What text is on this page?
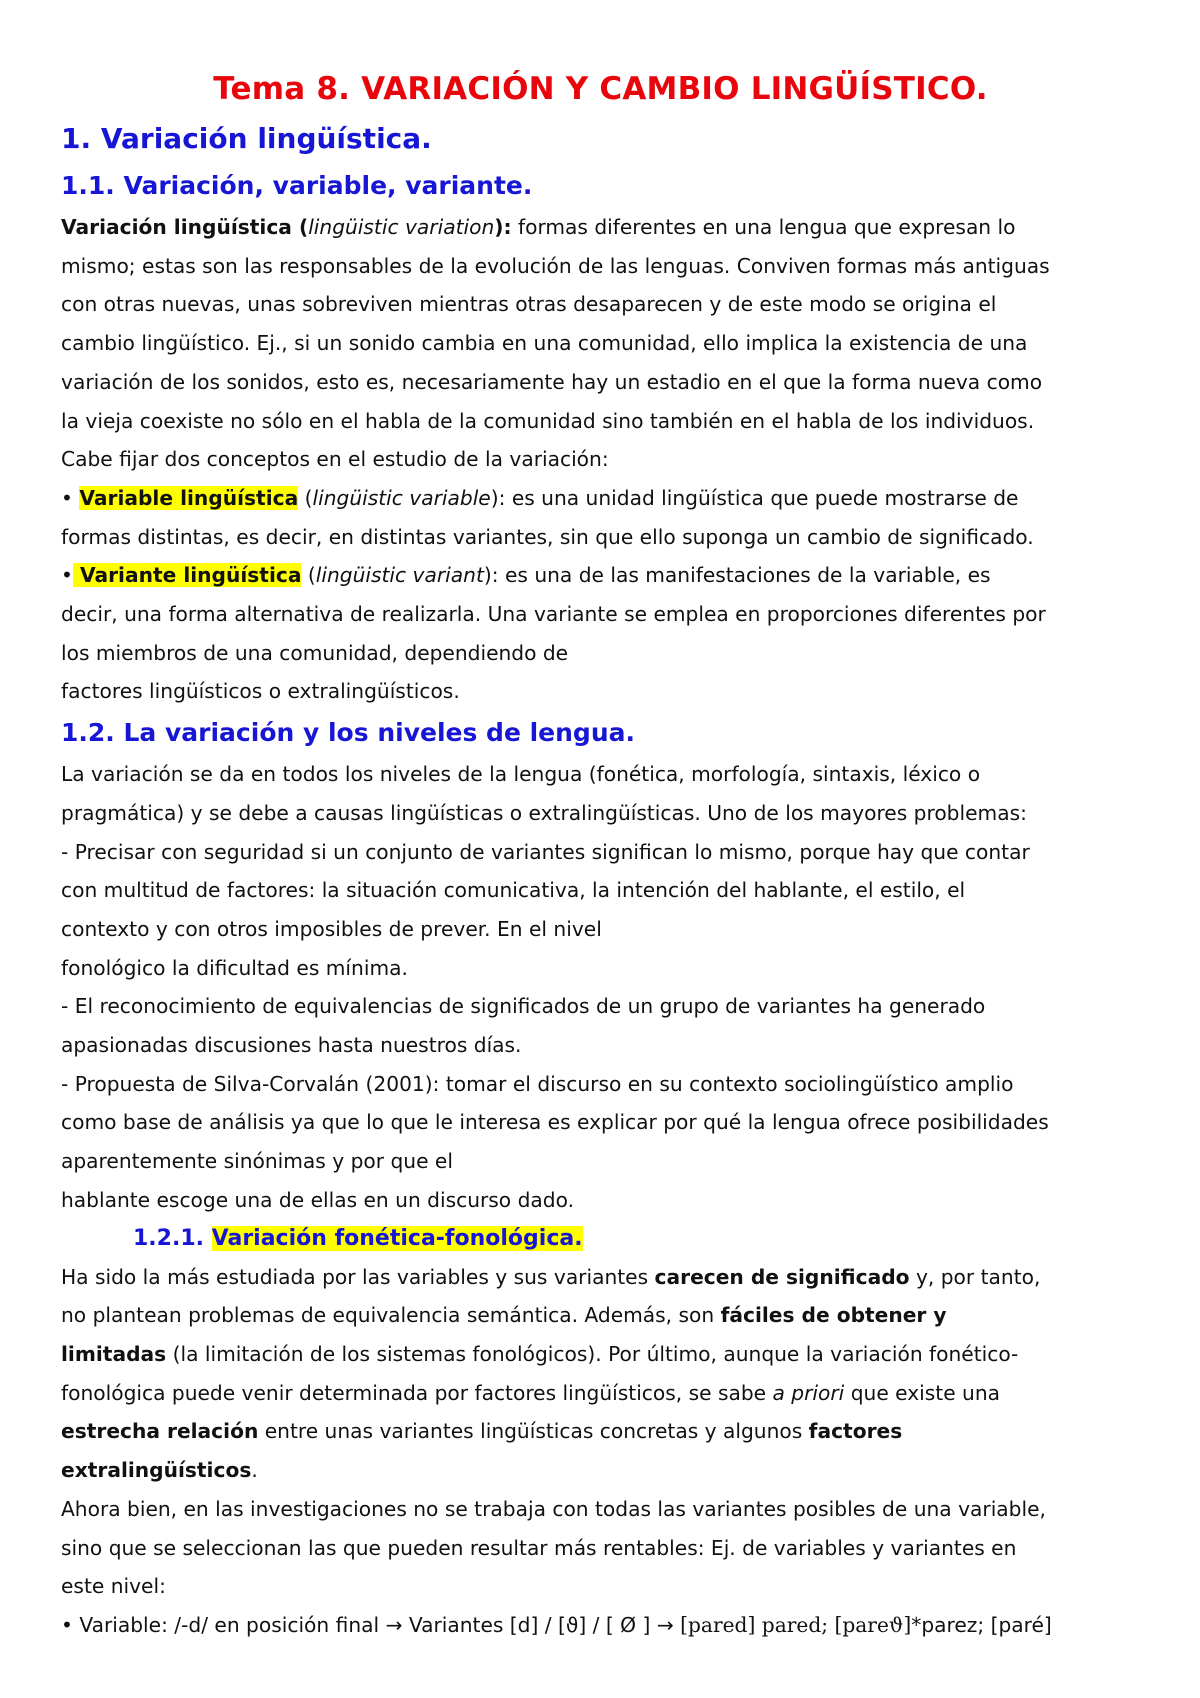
Tema 8. VARIACIÓN Y CAMBIO LINGÜÍSTICO.
1. Variación lingüística.
1.1. Variación, variable, variante.
Variación lingüística (lingüistic variation): formas diferentes en una lengua que expresan lo
mismo; estas son las responsables de la evolución de las lenguas. Conviven formas más antiguas
con otras nuevas, unas sobreviven mientras otras desaparecen y de este modo se origina el
cambio lingüístico. Ej., si un sonido cambia en una comunidad, ello implica la existencia de una
variación de los sonidos, esto es, necesariamente hay un estadio en el que la forma nueva como
la vieja coexiste no sólo en el habla de la comunidad sino también en el habla de los individuos.
Cabe fijar dos conceptos en el estudio de la variación:
• Variable lingüística (lingüistic variable): es una unidad lingüística que puede mostrarse de
formas distintas, es decir, en distintas variantes, sin que ello suponga un cambio de significado.
• Variante lingüística (lingüistic variant): es una de las manifestaciones de la variable, es
decir, una forma alternativa de realizarla. Una variante se emplea en proporciones diferentes por
los miembros de una comunidad, dependiendo de
factores lingüísticos o extralingüísticos.
1.2. La variación y los niveles de lengua.
La variación se da en todos los niveles de la lengua (fonética, morfología, sintaxis, léxico o
pragmática) y se debe a causas lingüísticas o extralingüísticas. Uno de los mayores problemas:
- Precisar con seguridad si un conjunto de variantes significan lo mismo, porque hay que contar
con multitud de factores: la situación comunicativa, la intención del hablante, el estilo, el
contexto y con otros imposibles de prever. En el nivel
fonológico la dificultad es mínima.
- El reconocimiento de equivalencias de significados de un grupo de variantes ha generado
apasionadas discusiones hasta nuestros días.
- Propuesta de Silva-Corvalán (2001): tomar el discurso en su contexto sociolingüístico amplio
como base de análisis ya que lo que le interesa es explicar por qué la lengua ofrece posibilidades
aparentemente sinónimas y por que el
hablante escoge una de ellas en un discurso dado.
1.2.1. Variación fonética-fonológica.
Ha sido la más estudiada por las variables y sus variantes carecen de significado y, por tanto,
no plantean problemas de equivalencia semántica. Además, son fáciles de obtener y
limitadas (la limitación de los sistemas fonológicos). Por último, aunque la variación fonético-
fonológica puede venir determinada por factores lingüísticos, se sabe a priori que existe una
estrecha relación entre unas variantes lingüísticas concretas y algunos factores
extralingüísticos.
Ahora bien, en las investigaciones no se trabaja con todas las variantes posibles de una variable,
sino que se seleccionan las que pueden resultar más rentables: Ej. de variables y variantes en
este nivel:
• Variable: /-d/ en posición final → Variantes [d] / [ϑ] / [ Ø ] → [pared] pared; [pareϑ]*parez; [paré]
